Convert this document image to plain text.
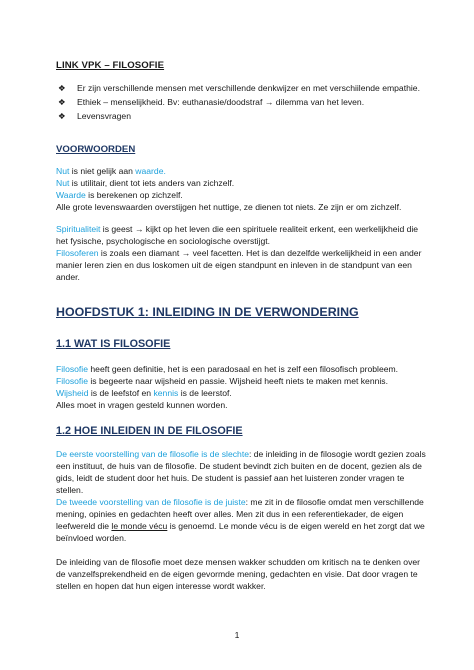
LINK VPK – FILOSOFIE
❖ Er zijn verschillende mensen met verschillende denkwijzer en met verschiilende empathie.
❖ Ethiek – menselijkheid. Bv: euthanasie/doodstraf → dilemma van het leven.
❖ Levensvragen
VOORWOORDEN
Nut is niet gelijk aan waarde.
Nut is utilitair, dient tot iets anders van zichzelf.
Waarde is berekenen op zichzelf.
Alle grote levenswaarden overstijgen het nuttige, ze dienen tot niets. Ze zijn er om zichzelf.
Spiritualiteit is geest → kijkt op het leven die een spirituele realiteit erkent, een werkelijkheid die het fysische, psychologische en sociologische overstijgt.
Filosoferen is zoals een diamant → veel facetten. Het is dan dezelfde werkelijkheid in een ander manier leren zien en dus loskomen uit de eigen standpunt en inleven in de standpunt van een ander.
HOOFDSTUK 1: INLEIDING IN DE VERWONDERING
1.1 WAT IS FILOSOFIE
Filosofie heeft geen definitie, het is een paradosaal en het is zelf een filosofisch probleem.
Filosofie is begeerte naar wijsheid en passie. Wijsheid heeft niets te maken met kennis.
Wijsheid is de leefstof en kennis is de leerstof.
Alles moet in vragen gesteld kunnen worden.
1.2 HOE INLEIDEN IN DE FILOSOFIE
De eerste voorstelling van de filosofie is de slechte: de inleiding in de filosogie wordt gezien zoals een instituut, de huis van de filosofie. De student bevindt zich buiten en de docent, gezien als de gids, leidt de student door het huis. De student is passief aan het luisteren zonder vragen te stellen.
De tweede voorstelling van de filosofie is de juiste: me zit in de filosofie omdat men verschillende mening, opinies en gedachten heeft over alles. Men zit dus in een referentiekader, de eigen leefwereld die le monde vécu is genoemd. Le monde vécu is de eigen wereld en het zorgt dat we beïnvloed worden.
De inleiding van de filosofie moet deze mensen wakker schudden om kritisch na te denken over de vanzelfsprekendheid en de eigen gevormde mening, gedachten en visie. Dat door vragen te stellen en hopen dat hun eigen interesse wordt wakker.
1
